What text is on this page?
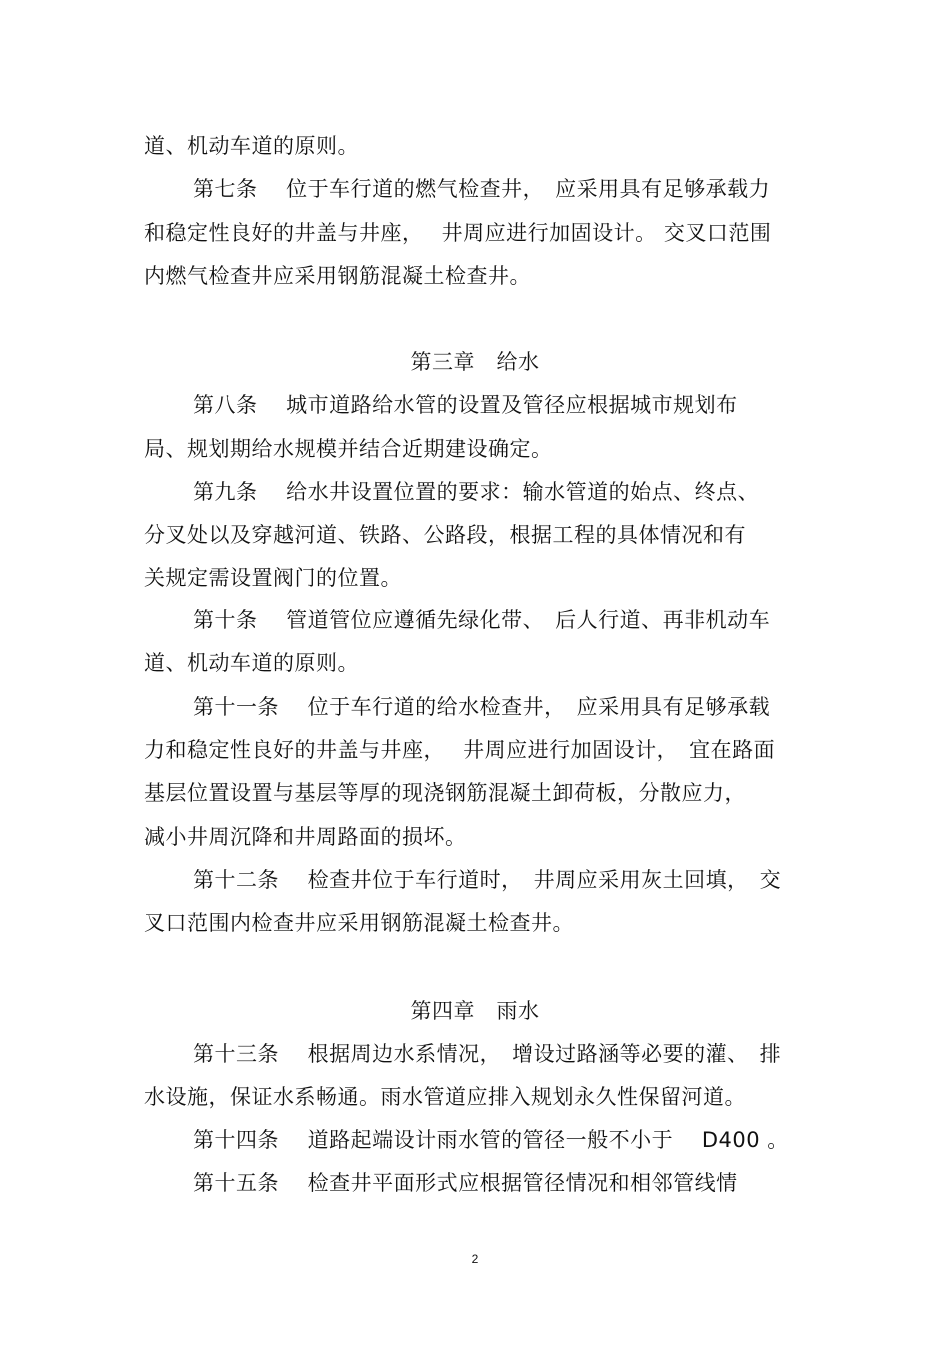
道、机动车道的原则。
第七条　 位于车行道的燃气检查井，　应采用具有足够承载力
和稳定性良好的井盖与井座，　 井周应进行加固设计。 交叉口范围
内燃气检查井应采用钢筋混凝土检查井。
第三章　给水
第八条　 城市道路给水管的设置及管径应根据城市规划布
局、规划期给水规模并结合近期建设确定。
第九条　 给水井设置位置的要求：输水管道的始点、终点、
分叉处以及穿越河道、铁路、公路段，根据工程的具体情况和有
关规定需设置阀门的位置。
第十条　 管道管位应遵循先绿化带、　后人行道、再非机动车
道、机动车道的原则。
第十一条　 位于车行道的给水检查井，　应采用具有足够承载
力和稳定性良好的井盖与井座，　 井周应进行加固设计，　宜在路面
基层位置设置与基层等厚的现浇钢筋混凝土卸荷板，分散应力，
减小井周沉降和井周路面的损坏。
第十二条　 检查井位于车行道时，　井周应采用灰土回填，　交
叉口范围内检查井应采用钢筋混凝土检查井。
第四章　雨水
第十三条　 根据周边水系情况，　增设过路涵等必要的灌、　排
水设施，保证水系畅通。雨水管道应排入规划永久性保留河道。
第十四条　 道路起端设计雨水管的管径一般不小于　 D400 。
第十五条　 检查井平面形式应根据管径情况和相邻管线情
2
